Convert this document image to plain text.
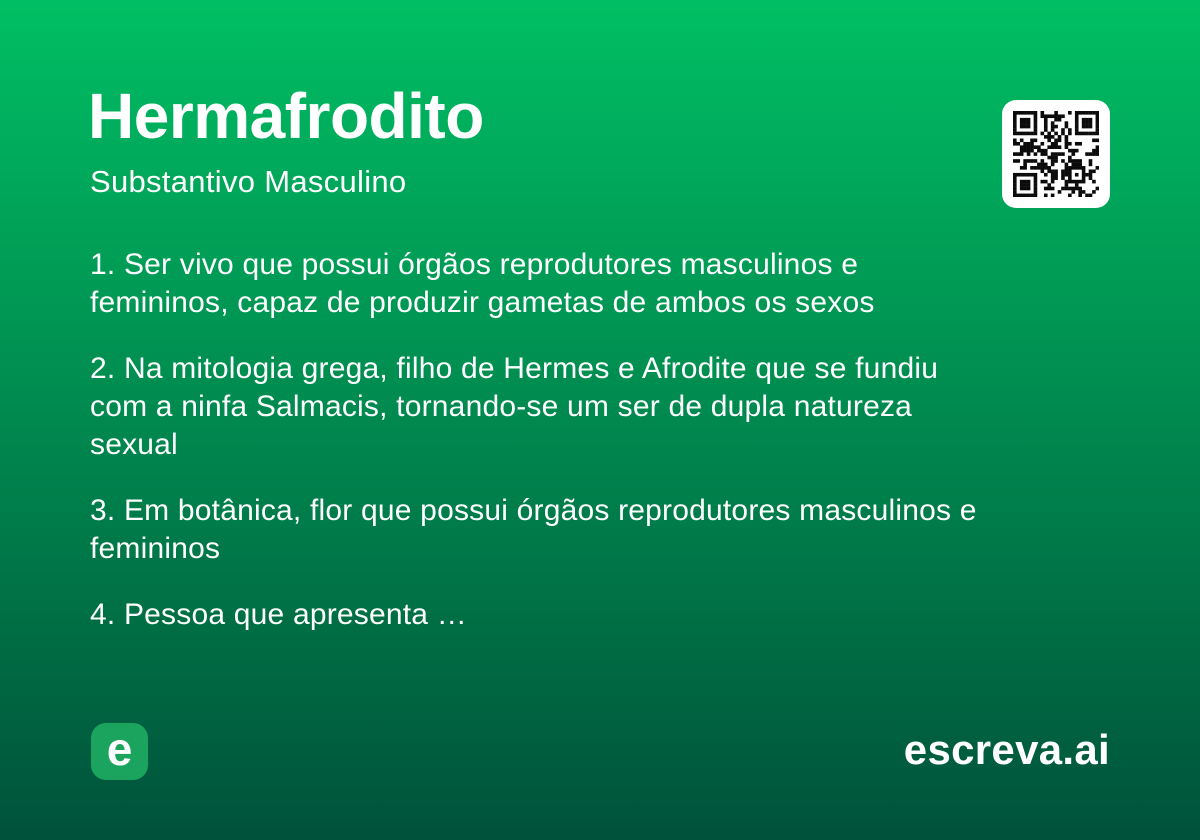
Hermafrodito
Substantivo Masculino

1. Ser vivo que possui órgãos reprodutores masculinos e
femininos, capaz de produzir gametas de ambos os sexos

2. Na mitologia grega, filho de Hermes e Afrodite que se fundiu
com a ninfa Salmacis, tornando-se um ser de dupla natureza
sexual

3. Em botânica, flor que possui órgãos reprodutores masculinos e
femininos

4. Pessoa que apresenta …

e	escreva.ai
